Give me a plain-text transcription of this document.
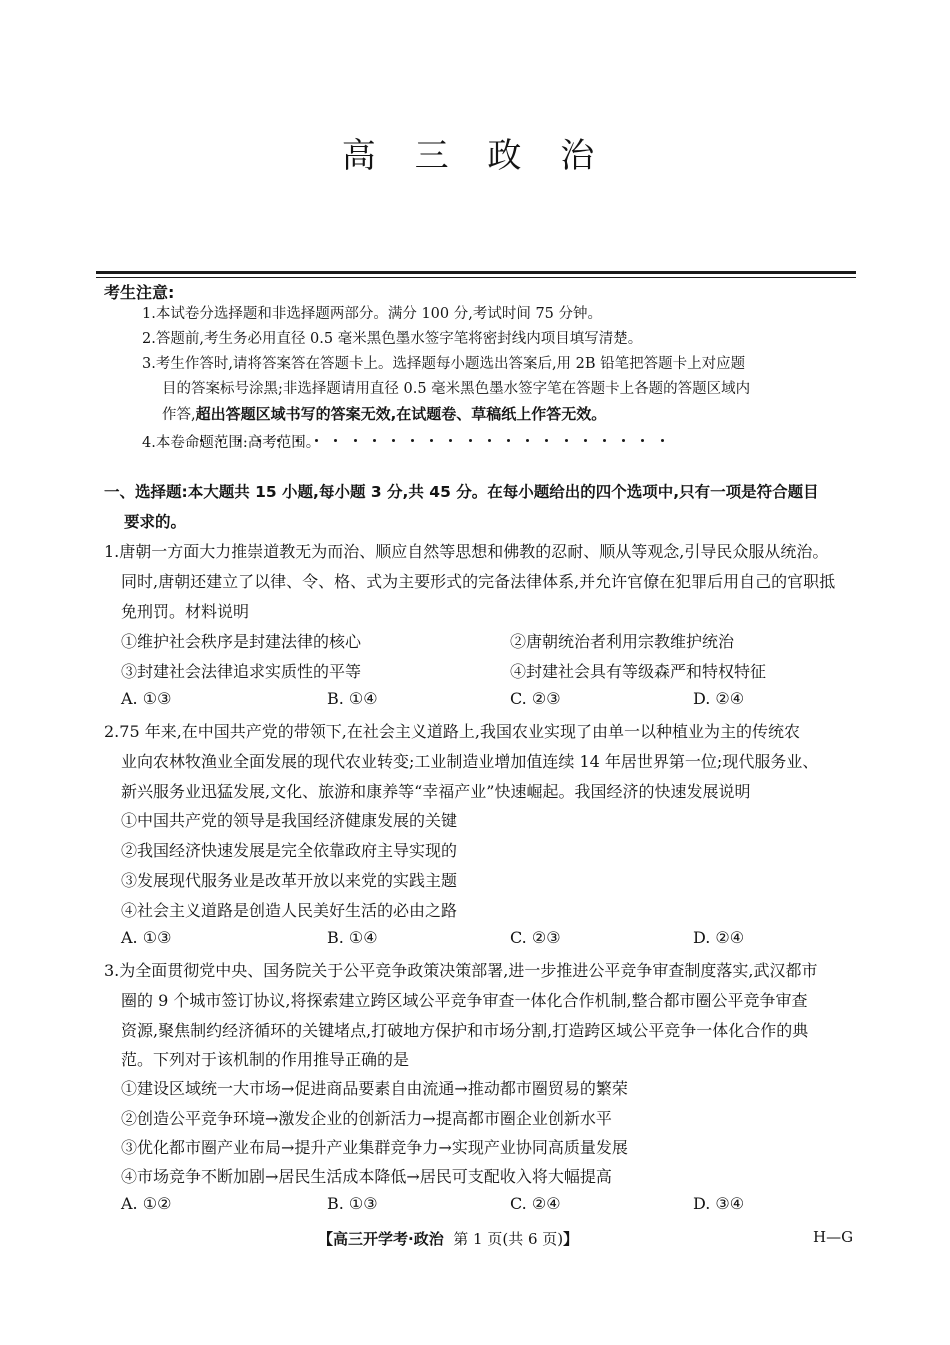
高 三 政 治
考生注意:
1.本试卷分选择题和非选择题两部分。满分 100 分,考试时间 75 分钟。
2.答题前,考生务必用直径 0.5 毫米黑色墨水签字笔将密封线内项目填写清楚。
3.考生作答时,请将答案答在答题卡上。选择题每小题选出答案后,用 2B 铅笔把答题卡上对应题
目的答案标号涂黑;非选择题请用直径 0.5 毫米黑色墨水签字笔在答题卡上各题的答题区域内
作答,超出答题区域书写的答案无效,在试题卷、草稿纸上作答无效。
4.本卷命题范围:高考范围。
一、选择题:本大题共 15 小题,每小题 3 分,共 45 分。在每小题给出的四个选项中,只有一项是符合题目
要求的。
1.唐朝一方面大力推崇道教无为而治、顺应自然等思想和佛教的忍耐、顺从等观念,引导民众服从统治。
同时,唐朝还建立了以律、令、格、式为主要形式的完备法律体系,并允许官僚在犯罪后用自己的官职抵
免刑罚。材料说明
①维护社会秩序是封建法律的核心	②唐朝统治者利用宗教维护统治
③封建社会法律追求实质性的平等	④封建社会具有等级森严和特权特征
A. ①③	B. ①④	C. ②③	D. ②④
2.75 年来,在中国共产党的带领下,在社会主义道路上,我国农业实现了由单一以种植业为主的传统农
业向农林牧渔业全面发展的现代农业转变;工业制造业增加值连续 14 年居世界第一位;现代服务业、
新兴服务业迅猛发展,文化、旅游和康养等“幸福产业”快速崛起。我国经济的快速发展说明
①中国共产党的领导是我国经济健康发展的关键
②我国经济快速发展是完全依靠政府主导实现的
③发展现代服务业是改革开放以来党的实践主题
④社会主义道路是创造人民美好生活的必由之路
A. ①③	B. ①④	C. ②③	D. ②④
3.为全面贯彻党中央、国务院关于公平竞争政策决策部署,进一步推进公平竞争审查制度落实,武汉都市
圈的 9 个城市签订协议,将探索建立跨区域公平竞争审查一体化合作机制,整合都市圈公平竞争审查
资源,聚焦制约经济循环的关键堵点,打破地方保护和市场分割,打造跨区域公平竞争一体化合作的典
范。下列对于该机制的作用推导正确的是
①建设区域统一大市场→促进商品要素自由流通→推动都市圈贸易的繁荣
②创造公平竞争环境→激发企业的创新活力→提高都市圈企业创新水平
③优化都市圈产业布局→提升产业集群竞争力→实现产业协同高质量发展
④市场竞争不断加剧→居民生活成本降低→居民可支配收入将大幅提高
A. ①②	B. ①③	C. ②④	D. ③④
【高三开学考·政治 第 1 页(共 6 页)】	H—G
